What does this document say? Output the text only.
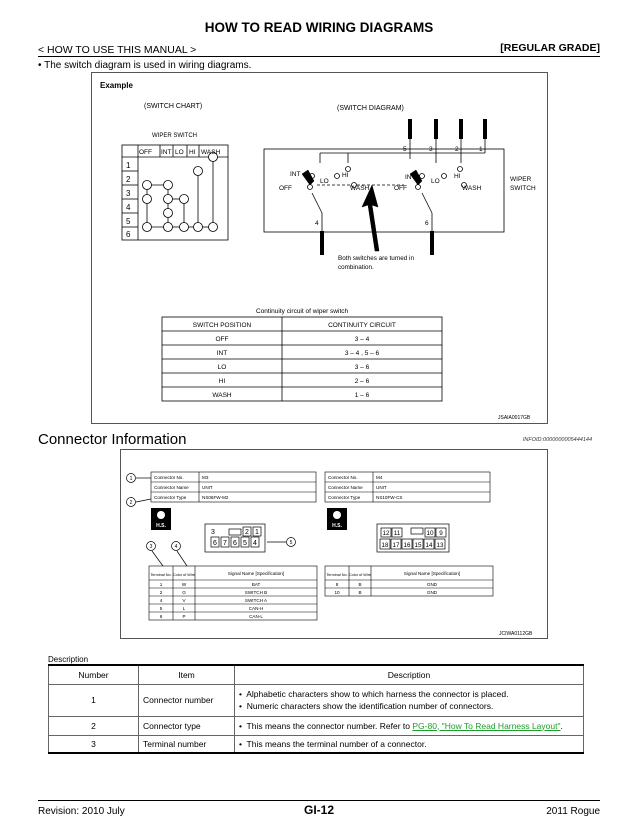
HOW TO READ WIRING DIAGRAMS
< HOW TO USE THIS MANUAL >	[REGULAR GRADE]
• The switch diagram is used in wiring diagrams.
Example
(SWITCH CHART)	(SWITCH DIAGRAM)
WIPER SWITCH
OFF INT LO HI WASH
1
2
3
4
5
6
5	3	2	1
4	6
INT
LO
HI
OFF	WASH
INT
LO
HI
OFF	WASH
WIPER
SWITCH
Both switches are turned in
combination.
Continuity circuit of wiper switch
SWITCH POSITION	CONTINUITY CIRCUIT
OFF	3 – 4
INT	3 – 4 , 5 – 6
LO	3 – 6
HI	2 – 6
WASH	1 – 6
JSAIA0017GB
Connector Information	INFOID:0000000005444144
1
2
3	4
5
Connector No.	M3
Connector Name	UNIT
Connector Type	NS06FW-M2
H.S.
3	2 1
6 7 6 5 4
Terminal No. Color of Wire	Signal Name [Specification]
1	W	BAT
2	G	SWITCH B
4	V	SWITCH A
5	L	CAN-H
6	P	CAN-L
Connector No.	M4
Connector Name	UNIT
Connector Type	NS10FW-CS
H.S.
12 11	10 9
18 17 16 15 14 13
Terminal No. Color of Wire	Signal Name [Specification]
8	B	GND
10	B	GND
JCIWA0112GB
Description
Number	Item	Description
1	Connector number	•  Alphabetic characters show to which harness the connector is placed.
•  Numeric characters show the identification number of connectors.

2	Connector type	•  This means the connector number. Refer to PG-80, "How To Read Harness Layout".
3	Terminal number	•  This means the terminal number of a connector.
Revision: 2010 July	GI-12	2011 Rogue
